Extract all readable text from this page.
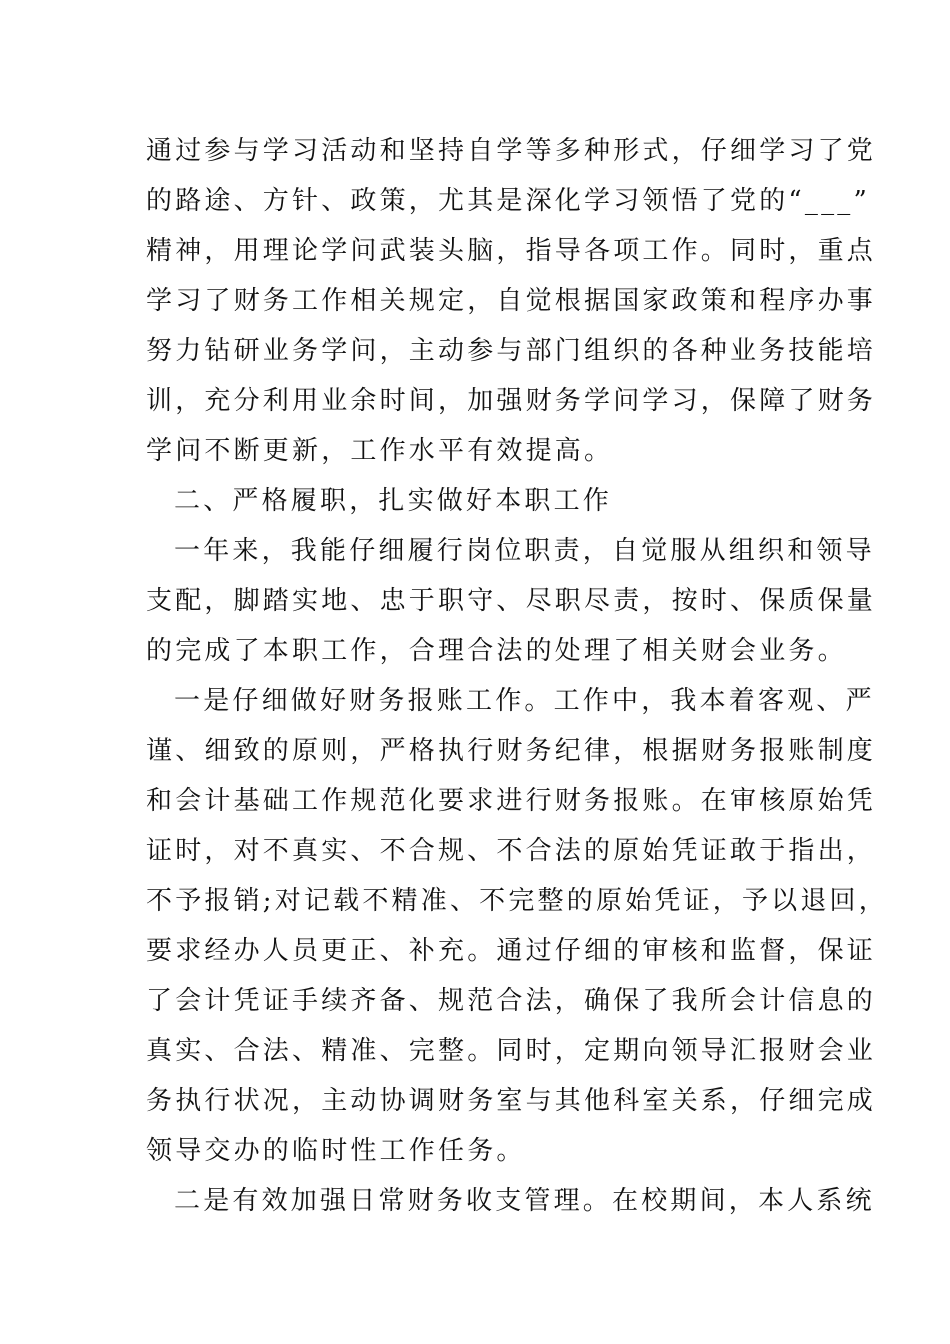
通过参与学习活动和坚持自学等多种形式，仔细学习了党
的路途、方针、政策，尤其是深化学习领悟了党的“___”
精神，用理论学问武装头脑，指导各项工作。同时，重点
学习了财务工作相关规定，自觉根据国家政策和程序办事
努力钻研业务学问，主动参与部门组织的各种业务技能培
训，充分利用业余时间，加强财务学问学习，保障了财务
学问不断更新，工作水平有效提高。
二、严格履职，扎实做好本职工作
一年来，我能仔细履行岗位职责，自觉服从组织和领导
支配，脚踏实地、忠于职守、尽职尽责，按时、保质保量
的完成了本职工作，合理合法的处理了相关财会业务。
一是仔细做好财务报账工作。工作中，我本着客观、严
谨、细致的原则，严格执行财务纪律，根据财务报账制度
和会计基础工作规范化要求进行财务报账。在审核原始凭
证时，对不真实、不合规、不合法的原始凭证敢于指出，
不予报销;对记载不精准、不完整的原始凭证，予以退回，
要求经办人员更正、补充。通过仔细的审核和监督，保证
了会计凭证手续齐备、规范合法，确保了我所会计信息的
真实、合法、精准、完整。同时，定期向领导汇报财会业
务执行状况，主动协调财务室与其他科室关系，仔细完成
领导交办的临时性工作任务。
二是有效加强日常财务收支管理。在校期间，本人系统
